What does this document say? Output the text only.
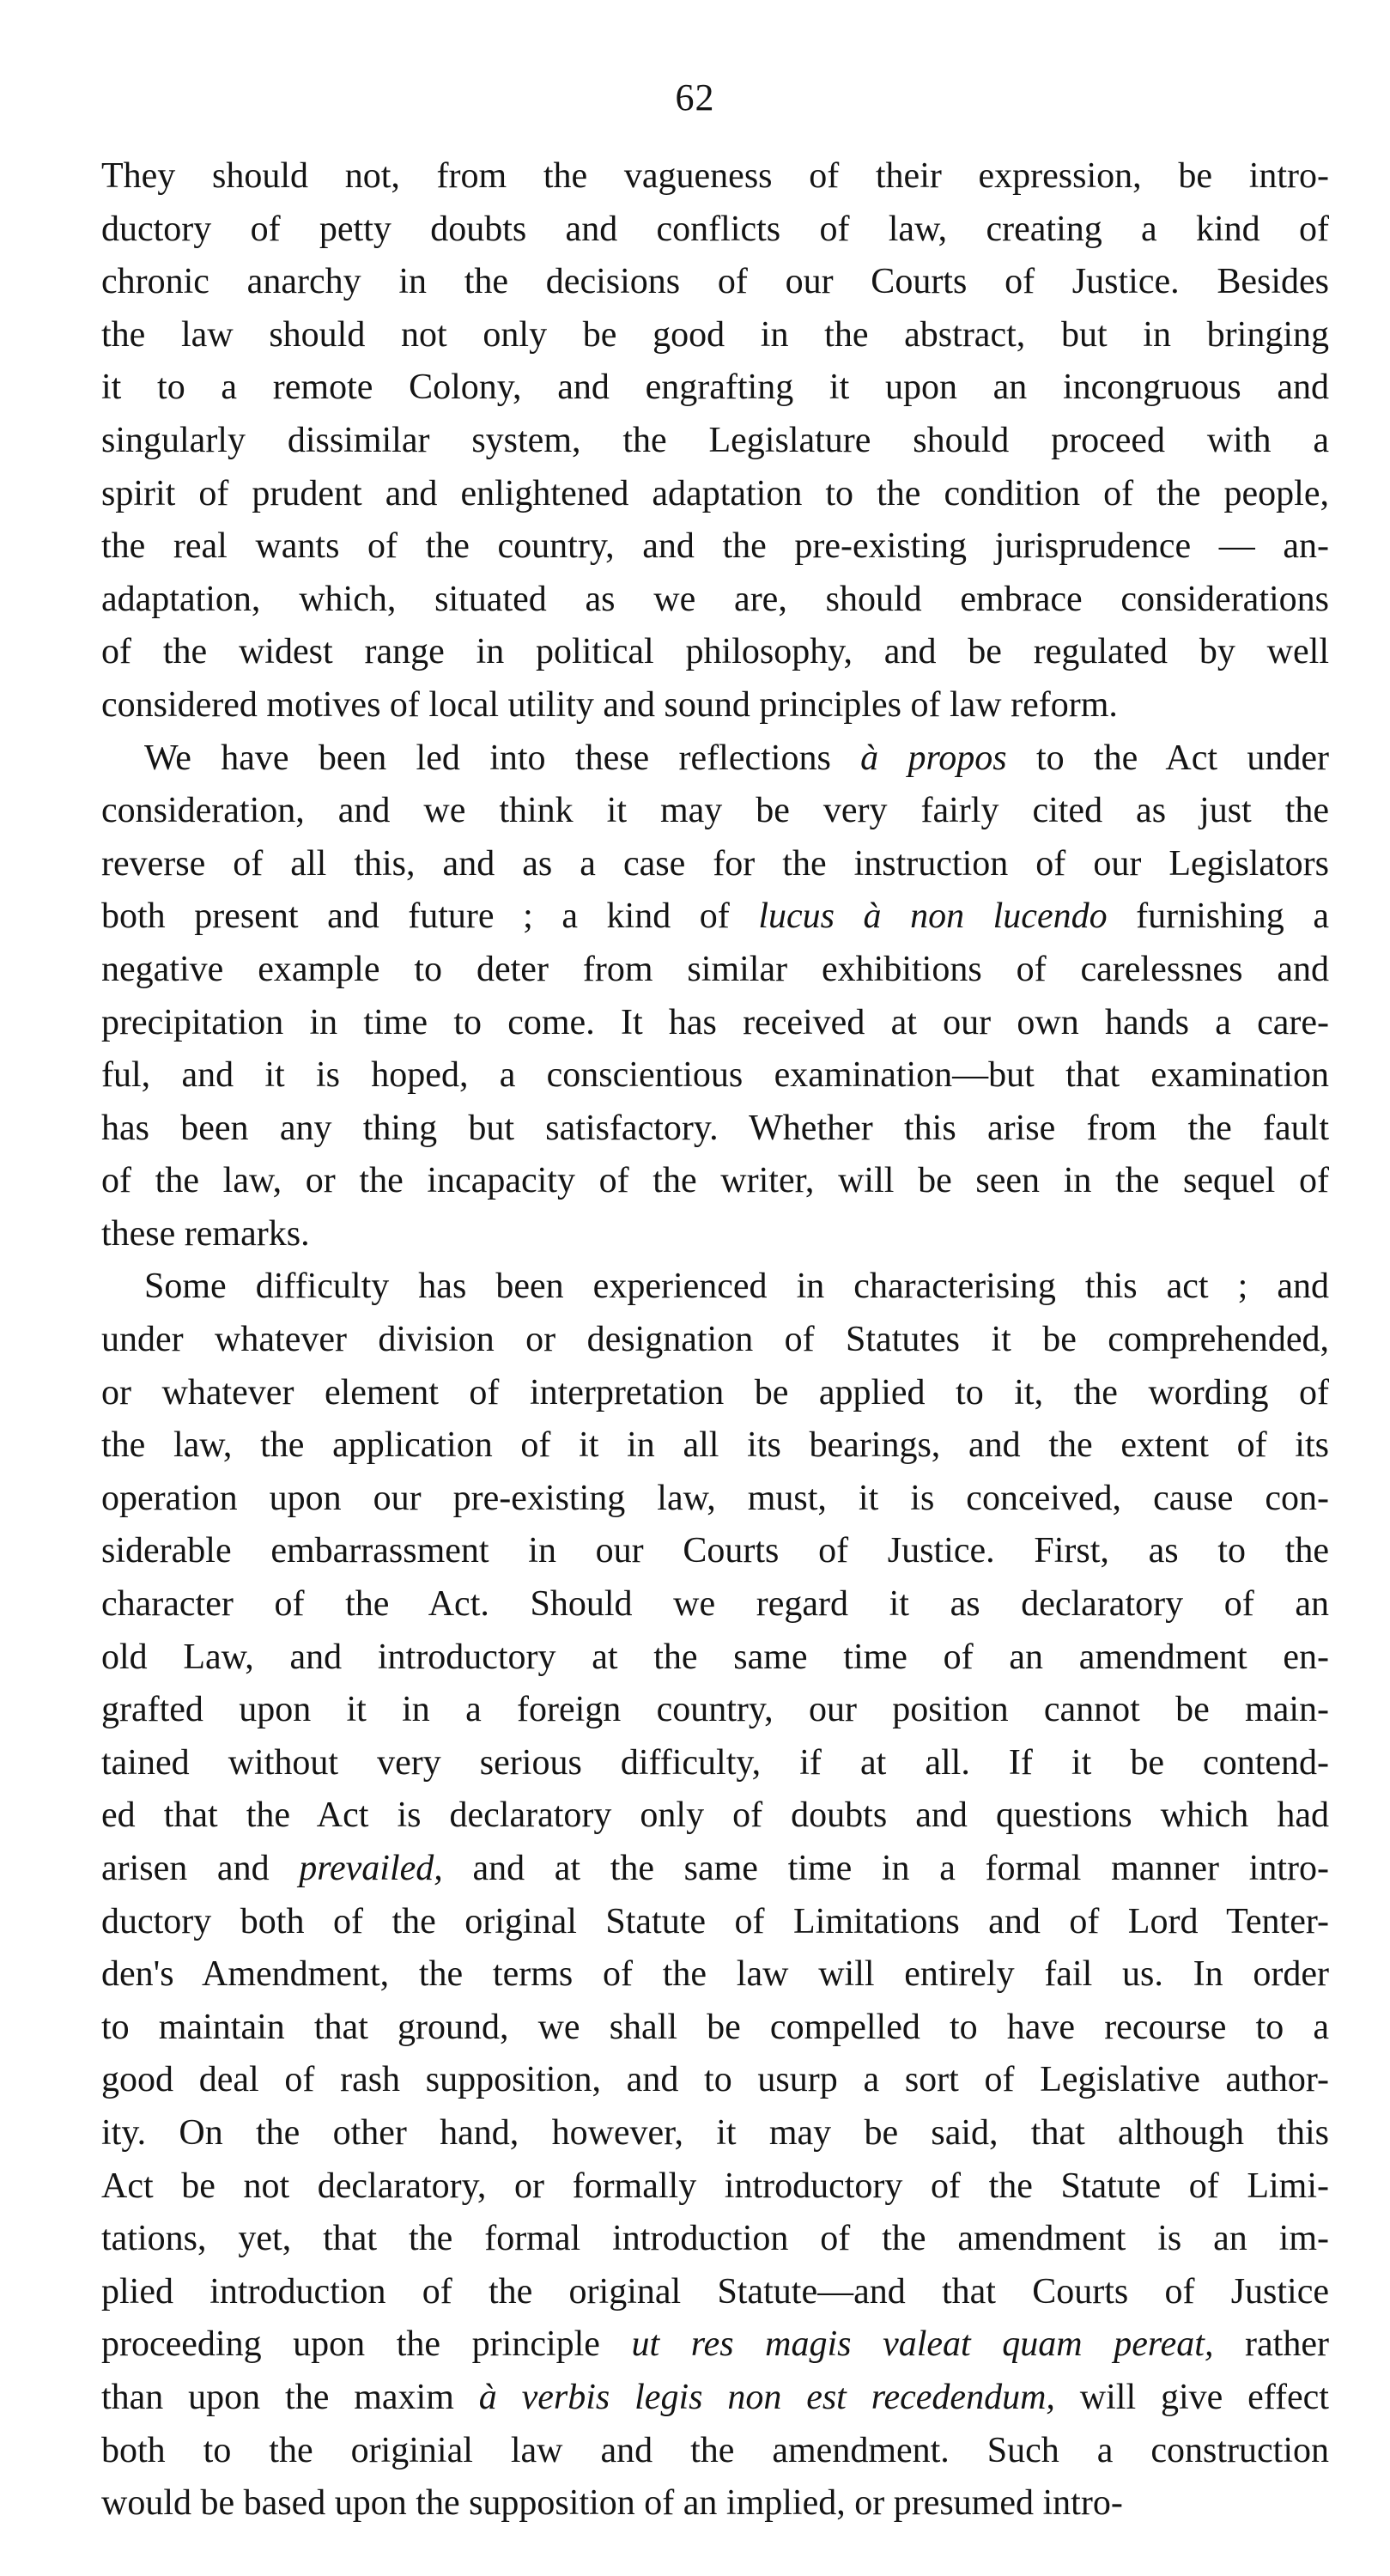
62
They should not, from the vagueness of their expression, be intro-
ductory of petty doubts and conflicts of law, creating a kind of
chronic anarchy in the decisions of our Courts of Justice. Besides
the law should not only be good in the abstract, but in bringing
it to a remote Colony, and engrafting it upon an incongruous and
singularly dissimilar system, the Legislature should proceed with a
spirit of prudent and enlightened adaptation to the condition of the people,
the real wants of the country, and the pre-existing jurisprudence — an-
adaptation, which, situated as we are, should embrace considerations
of the widest range in political philosophy, and be regulated by well
considered motives of local utility and sound principles of law reform.
We have been led into these reflections à propos to the Act under
consideration, and we think it may be very fairly cited as just the
reverse of all this, and as a case for the instruction of our Legislators
both present and future ; a kind of lucus à non lucendo furnishing a
negative example to deter from similar exhibitions of carelessnes and
precipitation in time to come. It has received at our own hands a care-
ful, and it is hoped, a conscientious examination—but that examination
has been any thing but satisfactory. Whether this arise from the fault
of the law, or the incapacity of the writer, will be seen in the sequel of
these remarks.
Some difficulty has been experienced in characterising this act ; and
under whatever division or designation of Statutes it be comprehended,
or whatever element of interpretation be applied to it, the wording of
the law, the application of it in all its bearings, and the extent of its
operation upon our pre-existing law, must, it is conceived, cause con-
siderable embarrassment in our Courts of Justice. First, as to the
character of the Act. Should we regard it as declaratory of an
old Law, and introductory at the same time of an amendment en-
grafted upon it in a foreign country, our position cannot be main-
tained without very serious difficulty, if at all. If it be contend-
ed that the Act is declaratory only of doubts and questions which had
arisen and prevailed, and at the same time in a formal manner intro-
ductory both of the original Statute of Limitations and of Lord Tenter-
den's Amendment, the terms of the law will entirely fail us. In order
to maintain that ground, we shall be compelled to have recourse to a
good deal of rash supposition, and to usurp a sort of Legislative author-
ity. On the other hand, however, it may be said, that although this
Act be not declaratory, or formally introductory of the Statute of Limi-
tations, yet, that the formal introduction of the amendment is an im-
plied introduction of the original Statute—and that Courts of Justice
proceeding upon the principle ut res magis valeat quam pereat, rather
than upon the maxim à verbis legis non est recedendum, will give effect
both to the originial law and the amendment. Such a construction
would be based upon the supposition of an implied, or presumed intro-
